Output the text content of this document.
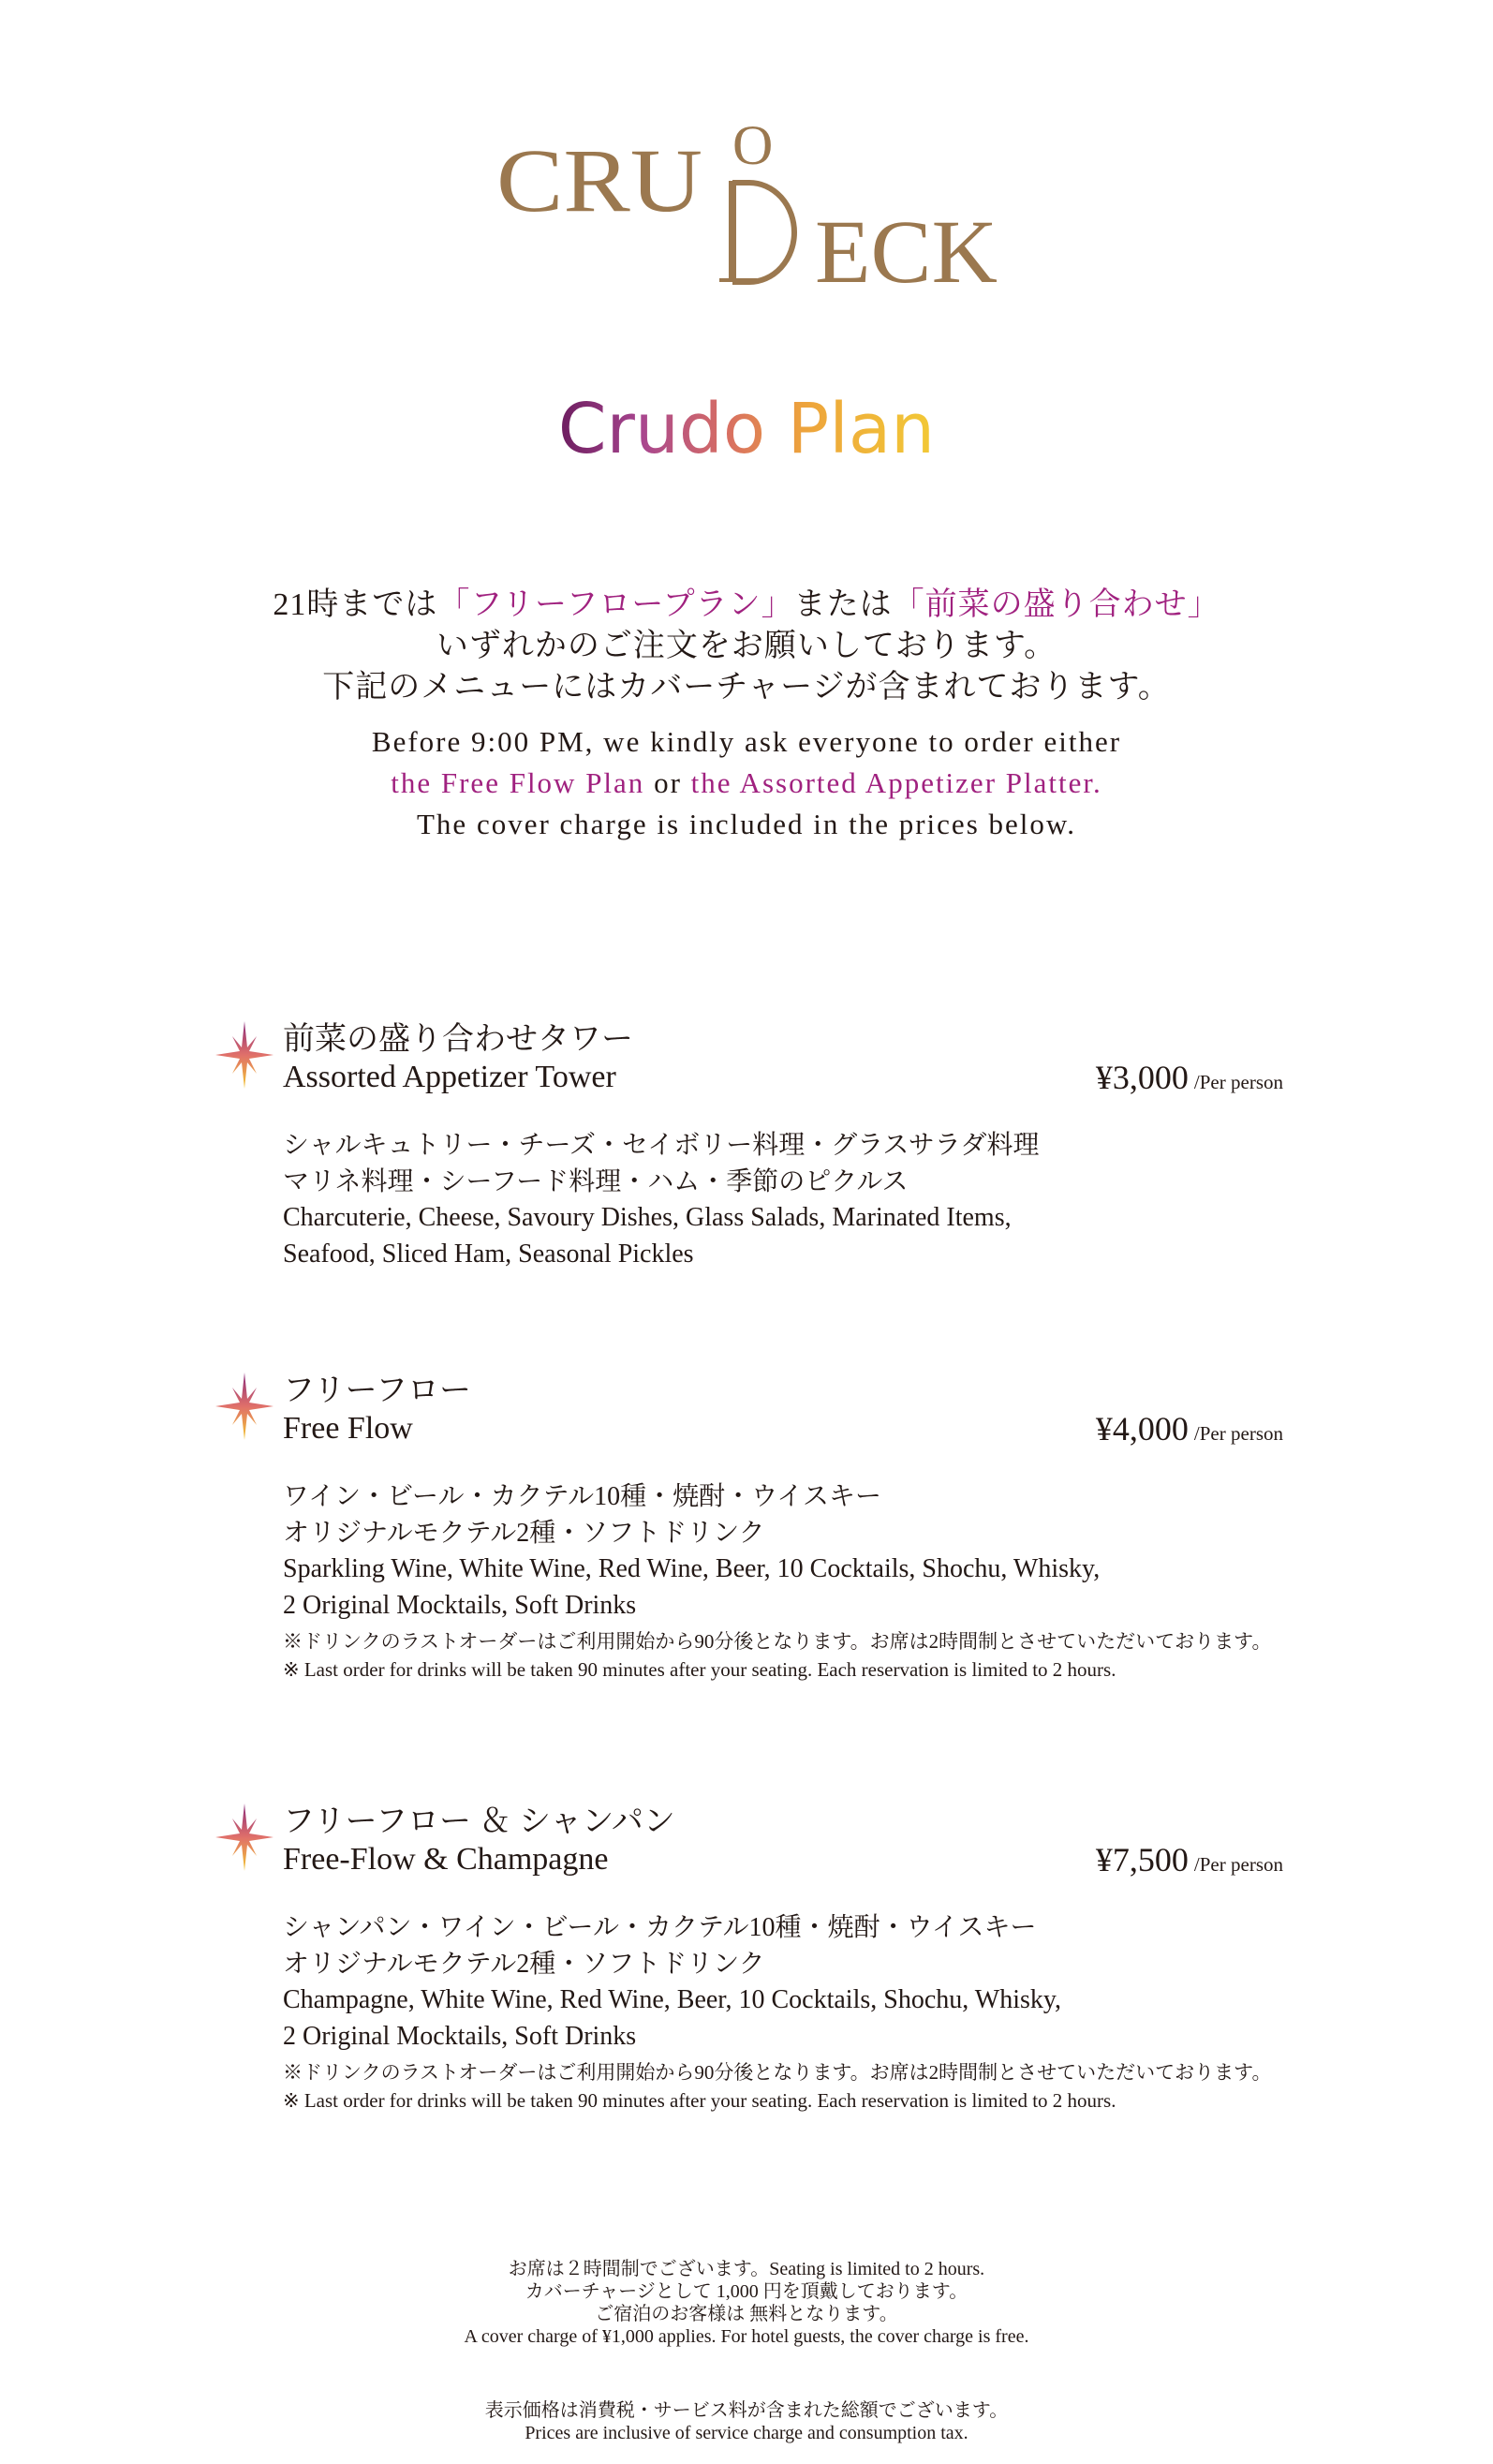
CRU O
ECK
Crudo Plan
21時までは「フリーフロープラン」または「前菜の盛り合わせ」
いずれかのご注文をお願いしております。
下記のメニューにはカバーチャージが含まれております。
Before 9:00 PM, we kindly ask everyone to order either
the Free Flow Plan or the Assorted Appetizer Platter.
The cover charge is included in the prices below.
前菜の盛り合わせタワー
Assorted Appetizer Tower	¥3,000 /Per person
シャルキュトリー・チーズ・セイボリー料理・グラスサラダ料理
マリネ料理・シーフード料理・ハム・季節のピクルス
Charcuterie, Cheese, Savoury Dishes, Glass Salads, Marinated Items,
Seafood, Sliced Ham, Seasonal Pickles
フリーフロー
Free Flow	¥4,000 /Per person
ワイン・ビール・カクテル10種・焼酎・ウイスキー
オリジナルモクテル2種・ソフトドリンク
Sparkling Wine, White Wine, Red Wine, Beer, 10 Cocktails, Shochu, Whisky,
2 Original Mocktails, Soft Drinks
※ドリンクのラストオーダーはご利用開始から90分後となります。お席は2時間制とさせていただいております。
※ Last order for drinks will be taken 90 minutes after your seating. Each reservation is limited to 2 hours.
フリーフロー ＆ シャンパン
Free-Flow & Champagne	¥7,500 /Per person
シャンパン・ワイン・ビール・カクテル10種・焼酎・ウイスキー
オリジナルモクテル2種・ソフトドリンク
Champagne, White Wine, Red Wine, Beer, 10 Cocktails, Shochu, Whisky,
2 Original Mocktails, Soft Drinks
※ドリンクのラストオーダーはご利用開始から90分後となります。お席は2時間制とさせていただいております。
※ Last order for drinks will be taken 90 minutes after your seating. Each reservation is limited to 2 hours.
お席は２時間制でございます。Seating is limited to 2 hours.
カバーチャージとして 1,000 円を頂戴しております。
ご宿泊のお客様は 無料となります。
A cover charge of ¥1,000 applies. For hotel guests, the cover charge is free.
表示価格は消費税・サービス料が含まれた総額でございます。
Prices are inclusive of service charge and consumption tax.
